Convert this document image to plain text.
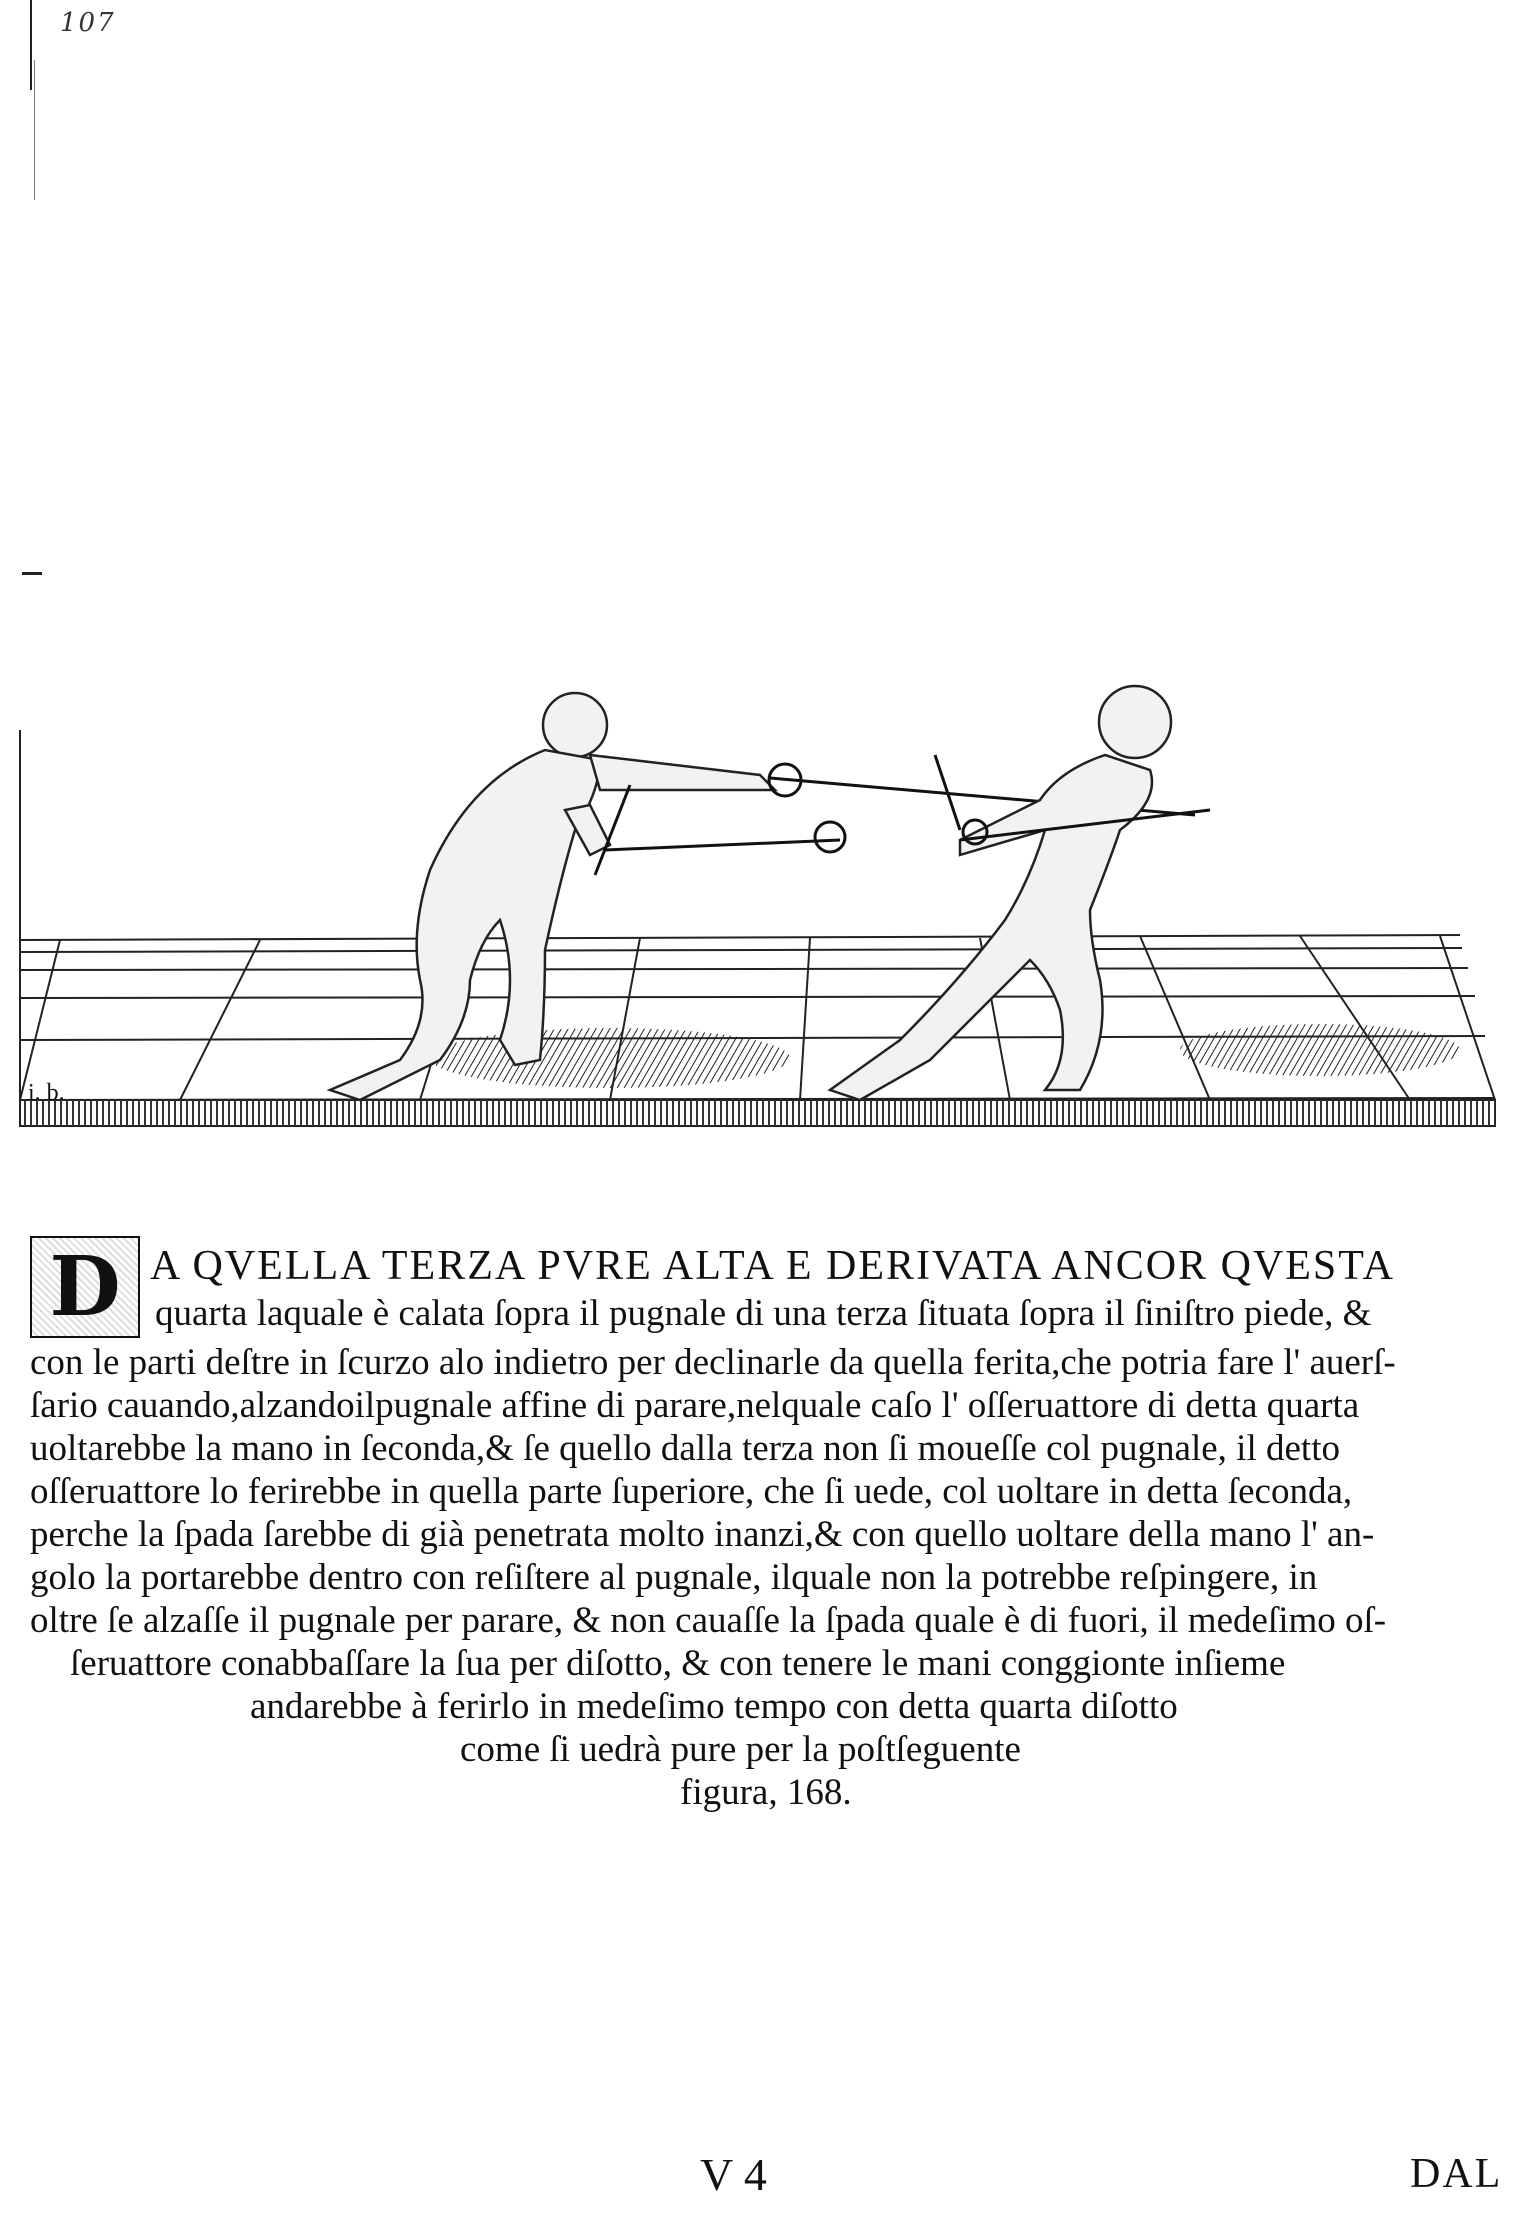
107
i. b.
D A QVELLA TERZA PVRE ALTA E DERIVATA ANCOR QVESTA
quarta laquale è calata ſopra il pugnale di una terza ſituata ſopra il ſiniſtro piede, &
con le parti deſtre in ſcurzo alo indietro per declinarle da quella ferita,che potria fare l' auerſ-
ſario cauando,alzandoilpugnale affine di parare,nelquale caſo l' oſſeruattore di detta quarta
uoltarebbe la mano in ſeconda,& ſe quello dalla terza non ſi moueſſe col pugnale, il detto
oſſeruattore lo ferirebbe in quella parte ſuperiore, che ſi uede, col uoltare in detta ſeconda,
perche la ſpada ſarebbe di già penetrata molto inanzi,& con quello uoltare della mano l' an-
golo la portarebbe dentro con reſiſtere al pugnale, ilquale non la potrebbe reſpingere, in
oltre ſe alzaſſe il pugnale per parare, & non cauaſſe la ſpada quale è di fuori, il medeſimo oſ-
ſeruattore conabbaſſare la ſua per diſotto, & con tenere le mani conggionte inſieme
andarebbe à ferirlo in medeſimo tempo con detta quarta diſotto
come ſi uedrà pure per la poſtſeguente
figura, 168.
V 4	DAL
